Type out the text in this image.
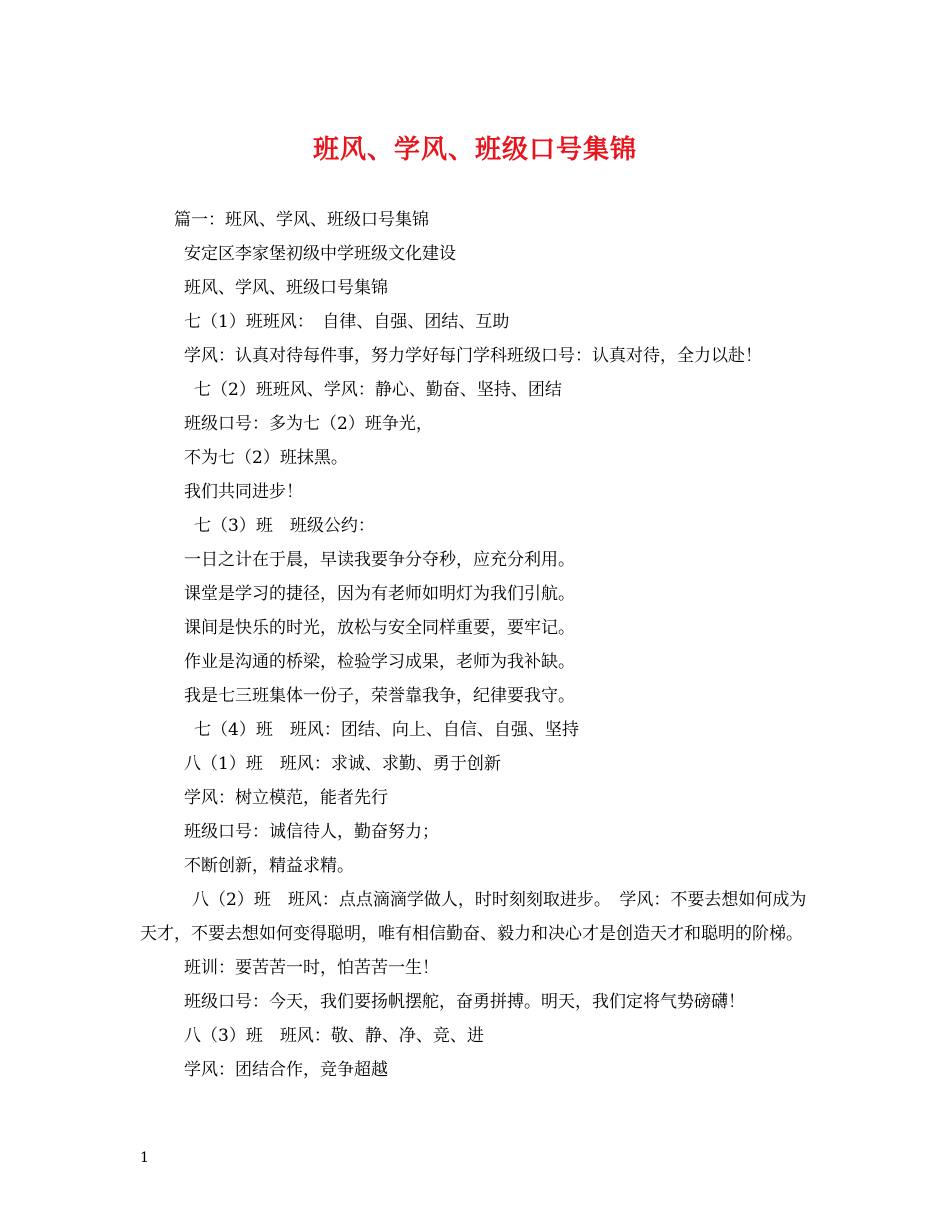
班风、学风、班级口号集锦
篇一：班风、学风、班级口号集锦
安定区李家堡初级中学班级文化建设
班风、学风、班级口号集锦
七（1）班班风：　自律、自强、团结、互助
学风：认真对待每件事，努力学好每门学科班级口号：认真对待，全力以赴！
七（2）班班风、学风：静心、勤奋、坚持、团结
班级口号：多为七（2）班争光，
不为七（2）班抹黑。
我们共同进步！
七（3）班　班级公约：
一日之计在于晨，早读我要争分夺秒，应充分利用。
课堂是学习的捷径，因为有老师如明灯为我们引航。
课间是快乐的时光，放松与安全同样重要，要牢记。
作业是沟通的桥梁，检验学习成果，老师为我补缺。
我是七三班集体一份子，荣誉靠我争，纪律要我守。
七（4）班　班风：团结、向上、自信、自强、坚持
八（1）班　班风：求诚、求勤、勇于创新
学风：树立模范，能者先行
班级口号：诚信待人，勤奋努力；
不断创新，精益求精。
八（2）班　班风：点点滴滴学做人，时时刻刻取进步。　学风：不要去想如何成为天才，不要去想如何变得聪明，唯有相信勤奋、毅力和决心才是创造天才和聪明的阶梯。
班训：要苦苦一时，怕苦苦一生！
班级口号：今天，我们要扬帆摆舵，奋勇拼搏。明天，我们定将气势磅礴！
八（3）班　班风：敬、静、净、竞、进
学风：团结合作，竞争超越
1
